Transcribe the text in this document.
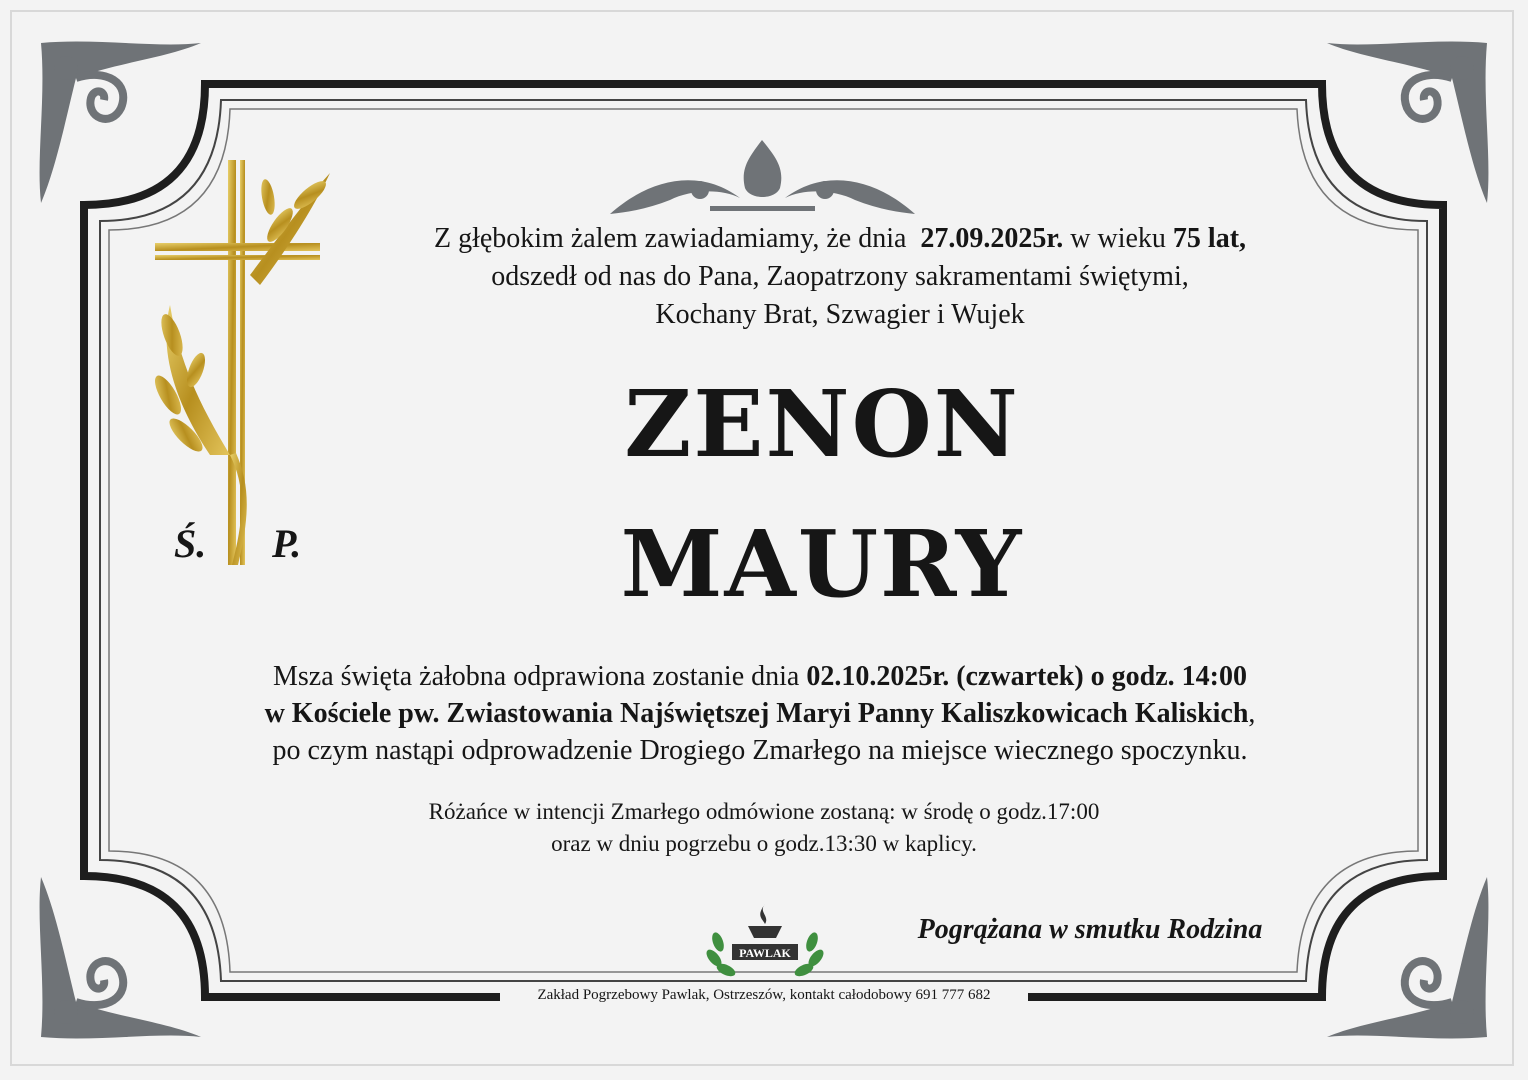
Ś. P.
Z głębokim żalem zawiadamiamy, że dnia 27.09.2025r. w wieku 75 lat,
odszedł od nas do Pana, Zaopatrzony sakramentami świętymi,
Kochany Brat, Szwagier i Wujek
ZENON
MAURY
Msza święta żałobna odprawiona zostanie dnia 02.10.2025r. (czwartek) o godz. 14:00
w Kościele pw. Zwiastowania Najświętszej Maryi Panny Kaliszkowicach Kaliskich,
po czym nastąpi odprowadzenie Drogiego Zmarłego na miejsce wiecznego spoczynku.
Różańce w intencji Zmarłego odmówione zostaną: w środę o godz.17:00
oraz w dniu pogrzebu o godz.13:30 w kaplicy.
PAWLAK
Pogrążana w smutku Rodzina
Zakład Pogrzebowy Pawlak, Ostrzeszów, kontakt całodobowy 691 777 682
